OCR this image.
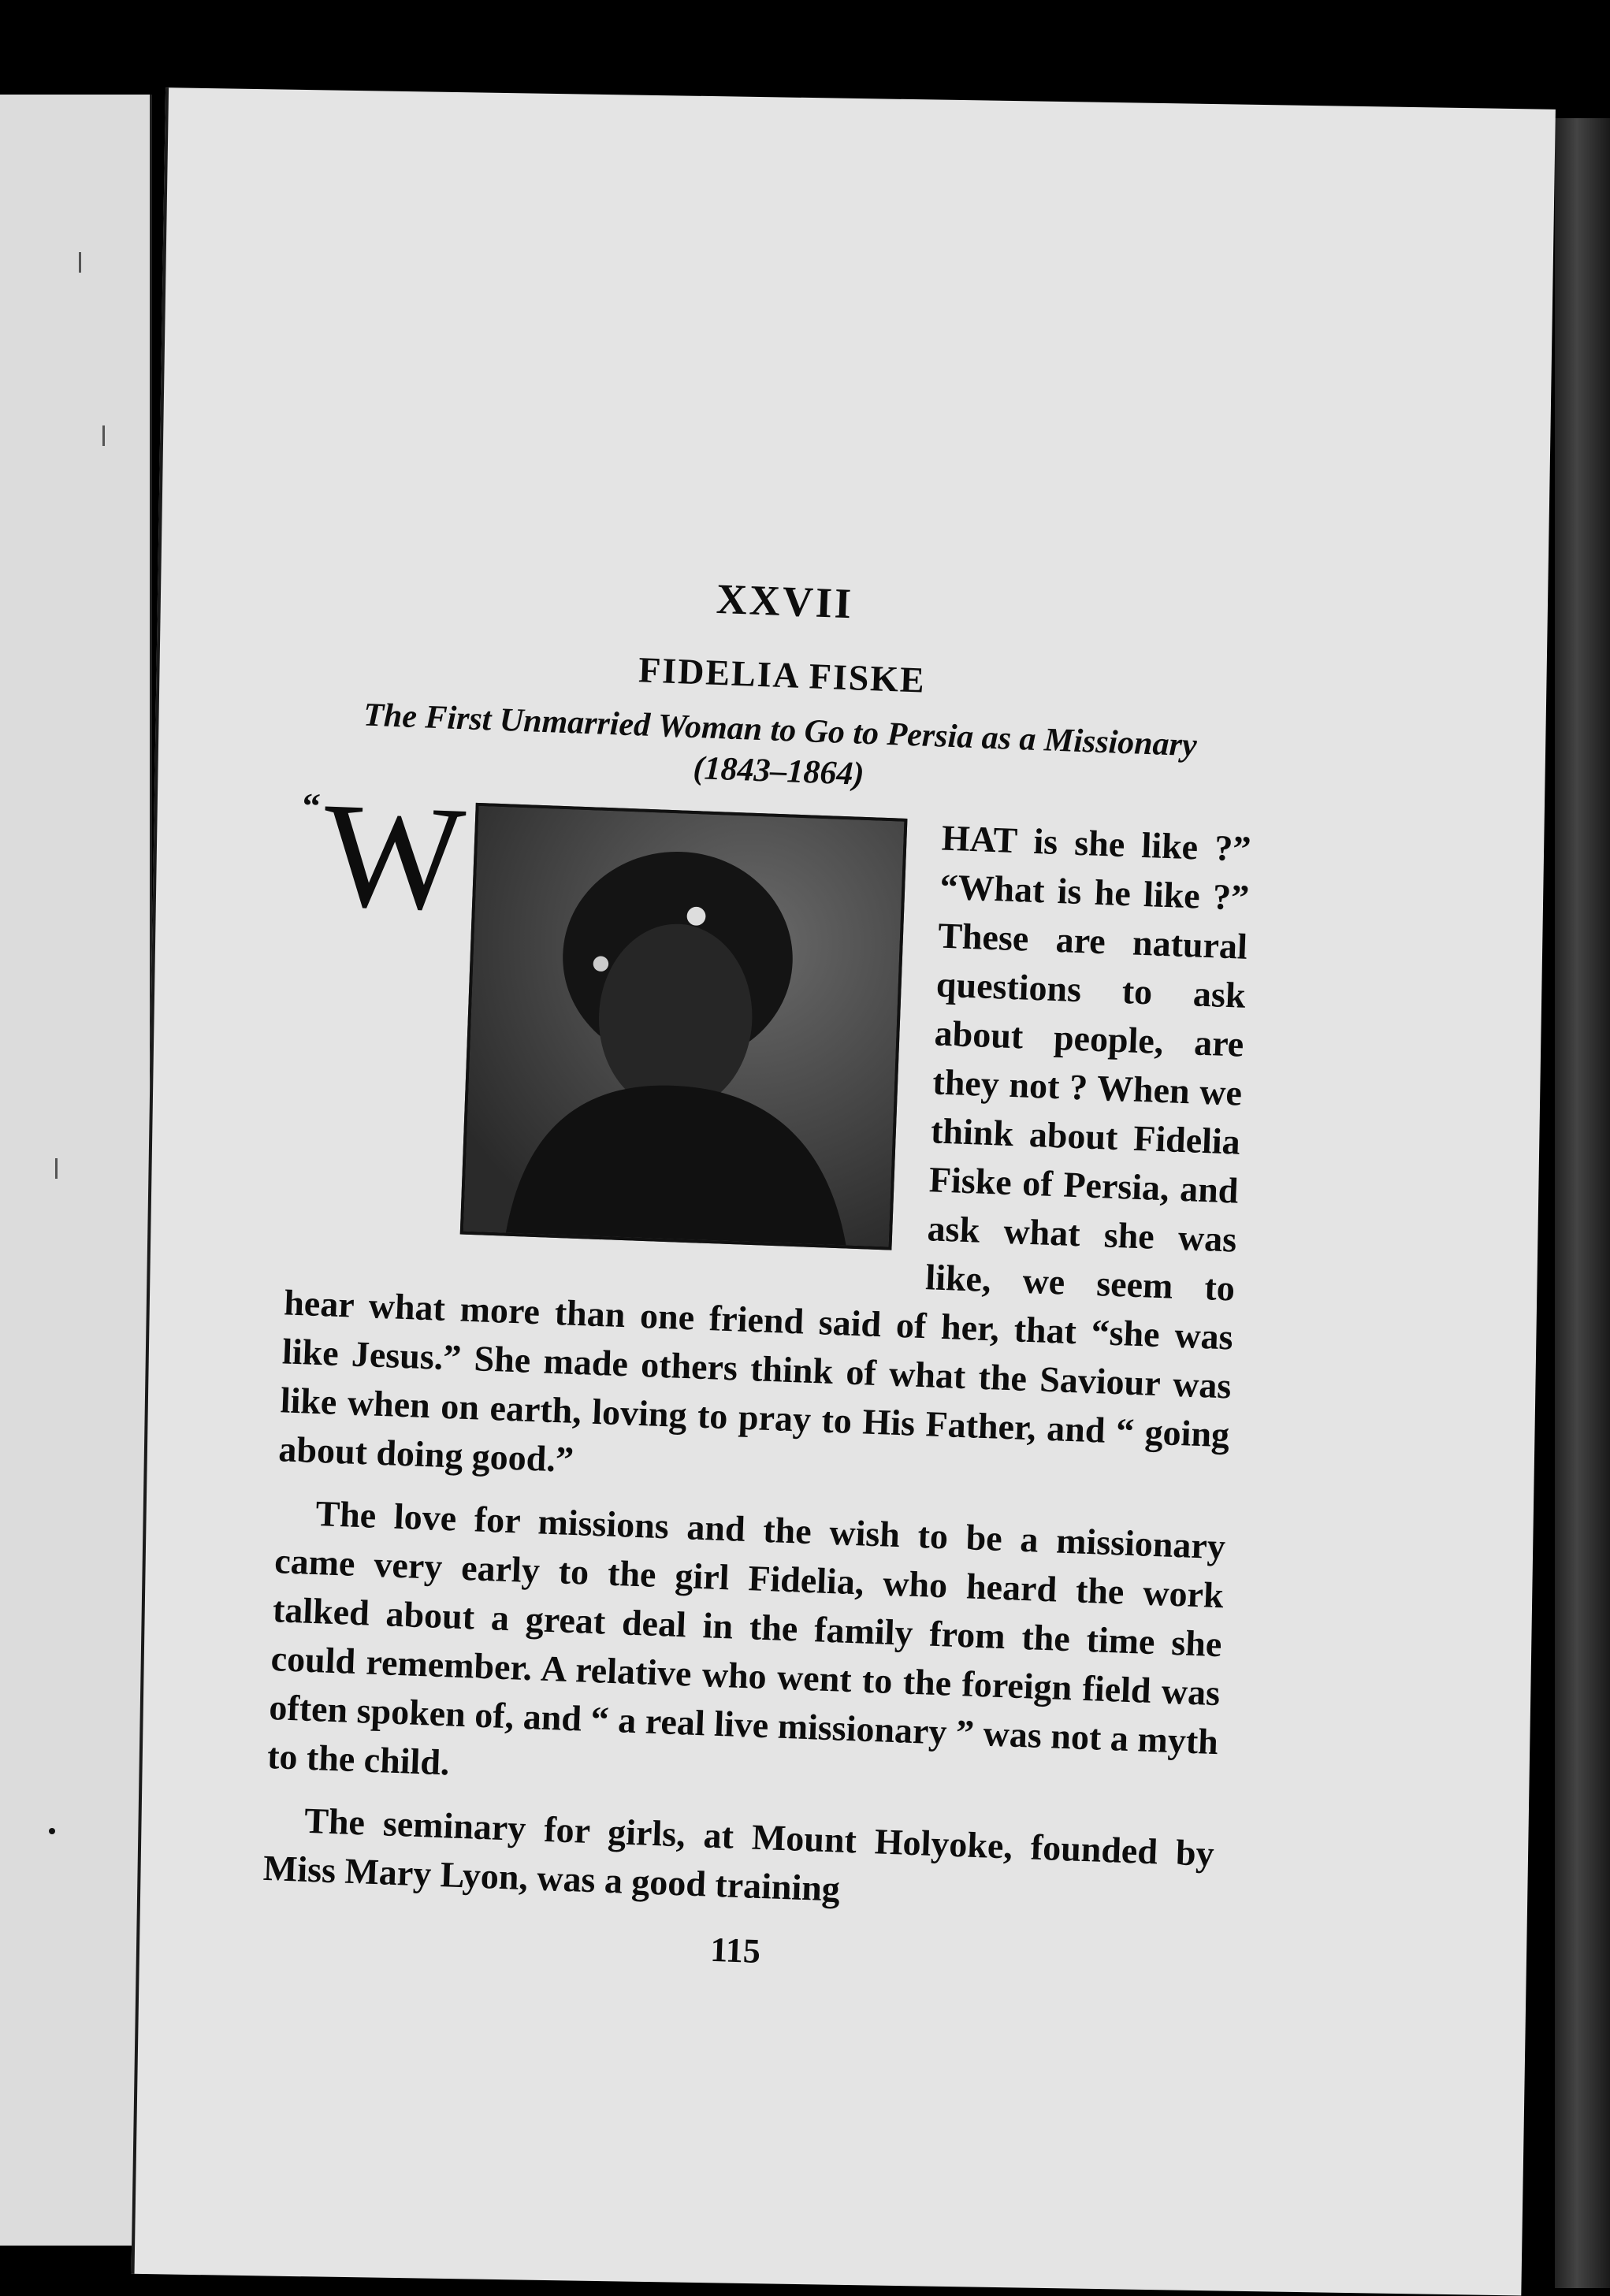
XXVII
FIDELIA FISKE
The First Unmarried Woman to Go to Persia as a Missionary (1843–1864)

“
W	HAT is she like ?” “What is he like ?” These are natural questions to ask about people, are they not ? When we think about Fidelia Fiske of Persia, and ask what she was like, we seem to hear what more than one friend said of her, that “she was like Jesus.” She made others think of what the Saviour was like when on earth, loving to pray to His Father, and “ going about doing good.”

The love for missions and the wish to be a missionary came very early to the girl Fidelia, who heard the work talked about a great deal in the family from the time she could remember. A relative who went to the foreign field was often spoken of, and “ a real live missionary ” was not a myth to the child.

The seminary for girls, at Mount Holyoke, founded by Miss Mary Lyon, was a good training

115
